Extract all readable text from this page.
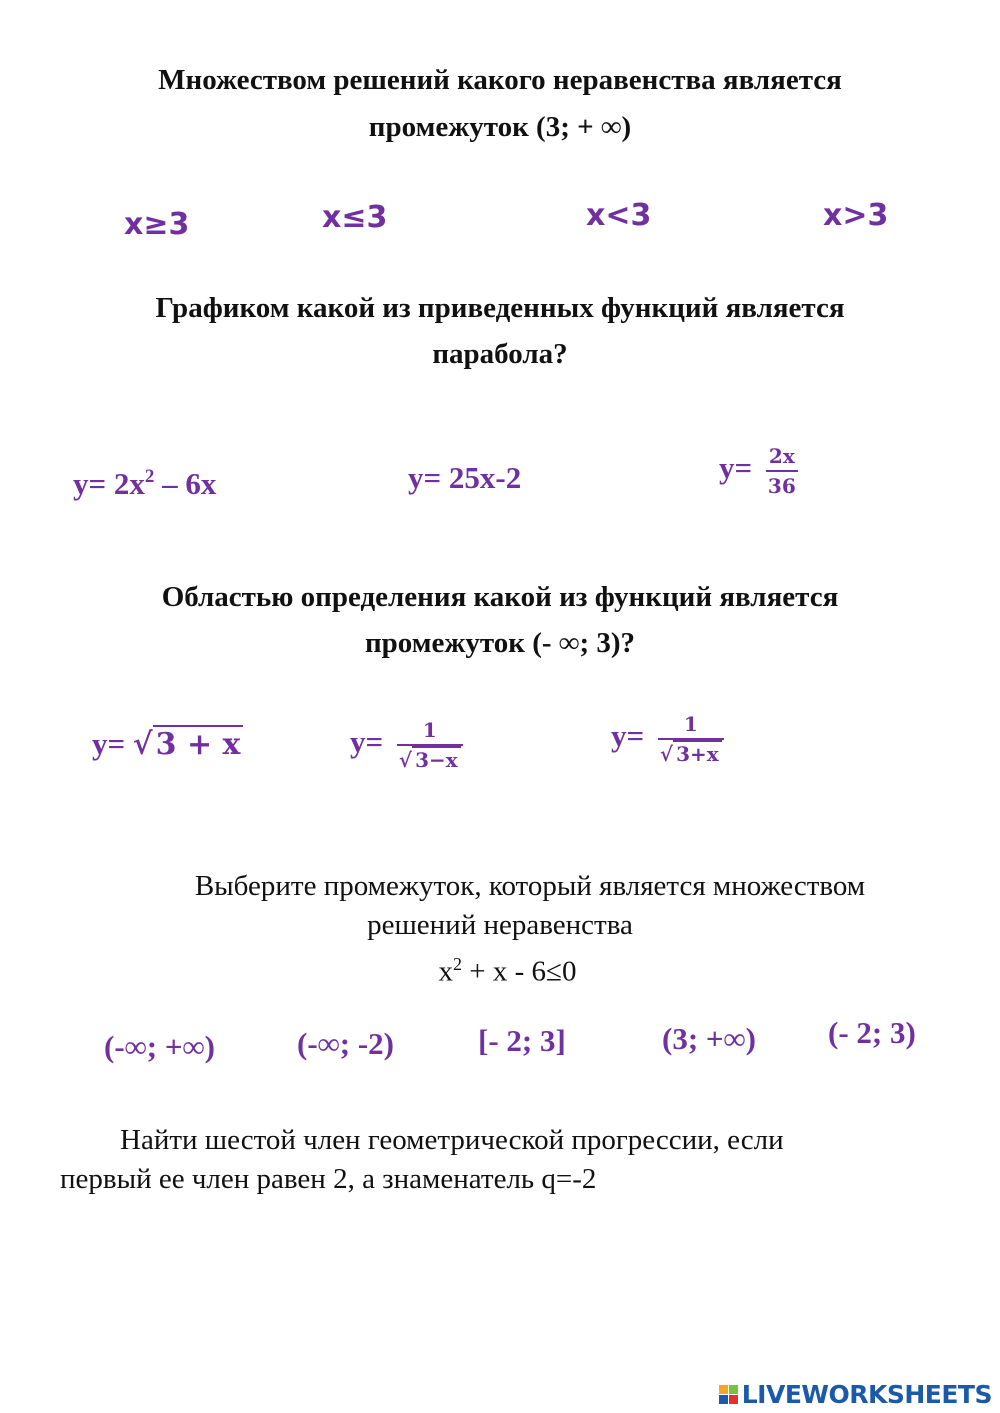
Множеством решений какого неравенства является
промежуток (3; + ∞)
x≥3	x≤3	x<3	x>3
Графиком какой из приведенных функций является
парабола?
$y= 2x^2 - 6x$	y= 25x-2	$y= \frac{2x}{36}$
Областью определения какой из функций является
промежуток (- ∞; 3)?
y= √ 3 + x	$y= \frac{1}{√ 3-x}$	$y= \frac{1}{√ 3+x}$
Выберите промежуток, который является множеством
решений неравенства
$x^2 + x - 6\le 0$
(-∞; +∞)	(-∞; -2)	[- 2; 3]	(3; +∞) (- 2; 3)
Найти шестой член геометрической прогрессии, если
первый ее член равен 2, а знаменатель q=-2
LIVEWORKSHEETS
